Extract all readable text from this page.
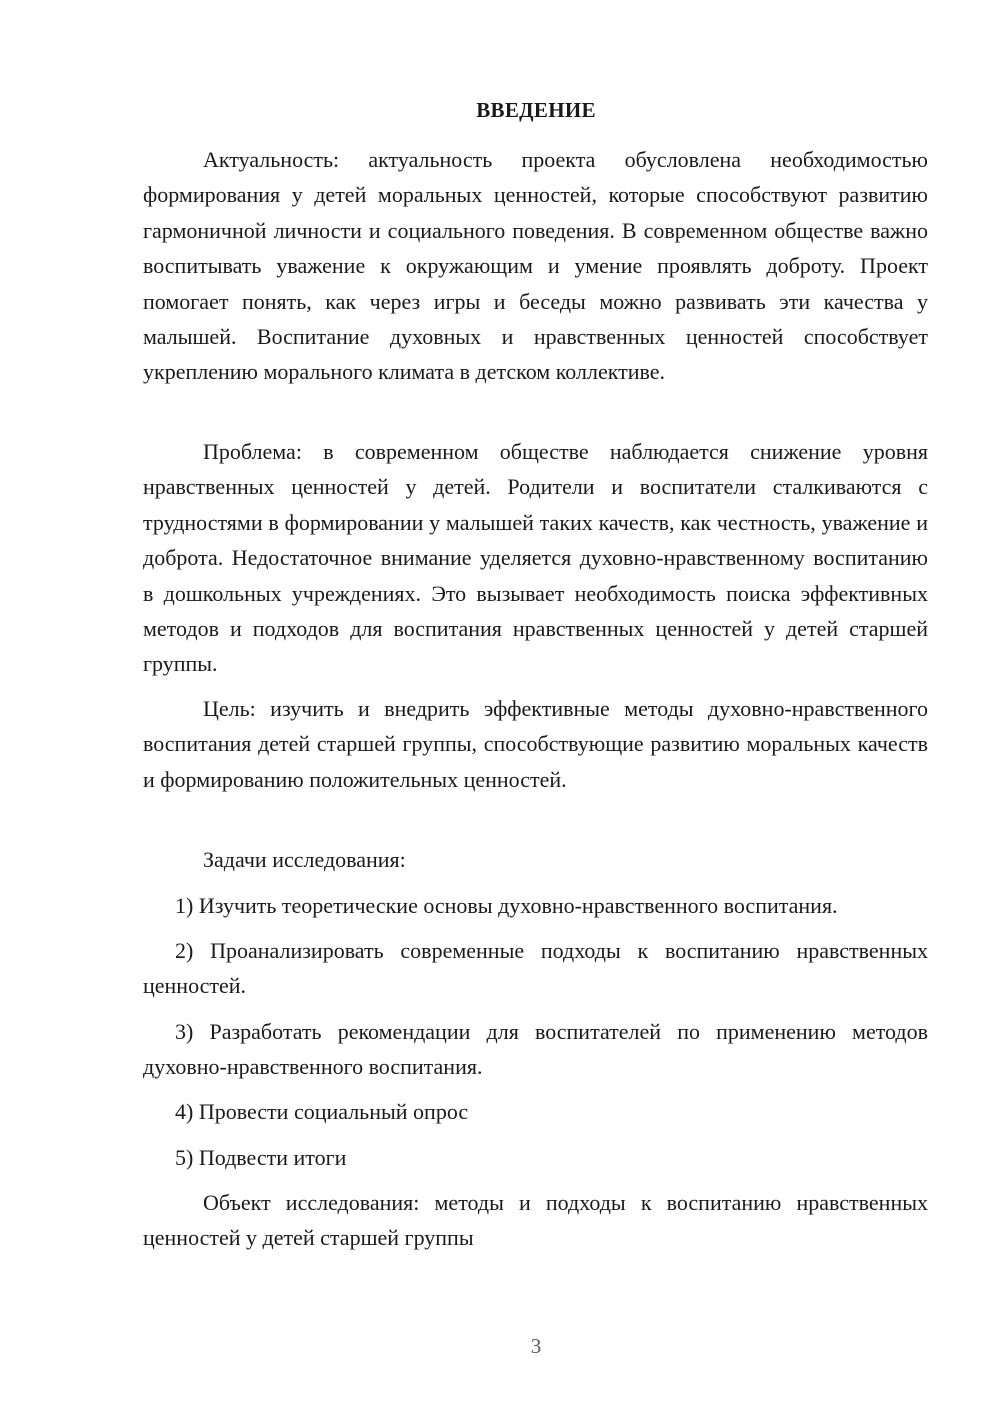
ВВЕДЕНИЕ

Актуальность: актуальность проекта обусловлена необходимостью формирования у детей моральных ценностей, которые способствуют развитию гармоничной личности и социального поведения. В современном обществе важно воспитывать уважение к окружающим и умение проявлять доброту. Проект помогает понять, как через игры и беседы можно развивать эти качества у малышей. Воспитание духовных и нравственных ценностей способствует укреплению морального климата в детском коллективе.

Проблема: в современном обществе наблюдается снижение уровня нравственных ценностей у детей. Родители и воспитатели сталкиваются с трудностями в формировании у малышей таких качеств, как честность, уважение и доброта. Недостаточное внимание уделяется духовно-нравственному воспитанию в дошкольных учреждениях. Это вызывает необходимость поиска эффективных методов и подходов для воспитания нравственных ценностей у детей старшей группы.

Цель: изучить и внедрить эффективные методы духовно-нравственного воспитания детей старшей группы, способствующие развитию моральных качеств и формированию положительных ценностей.

Задачи исследования:

1) Изучить теоретические основы духовно-нравственного воспитания.

2) Проанализировать современные подходы к воспитанию нравственных ценностей.

3) Разработать рекомендации для воспитателей по применению методов духовно-нравственного воспитания.

4) Провести социальный опрос

5) Подвести итоги

Объект исследования: методы и подходы к воспитанию нравственных ценностей у детей старшей группы

3
